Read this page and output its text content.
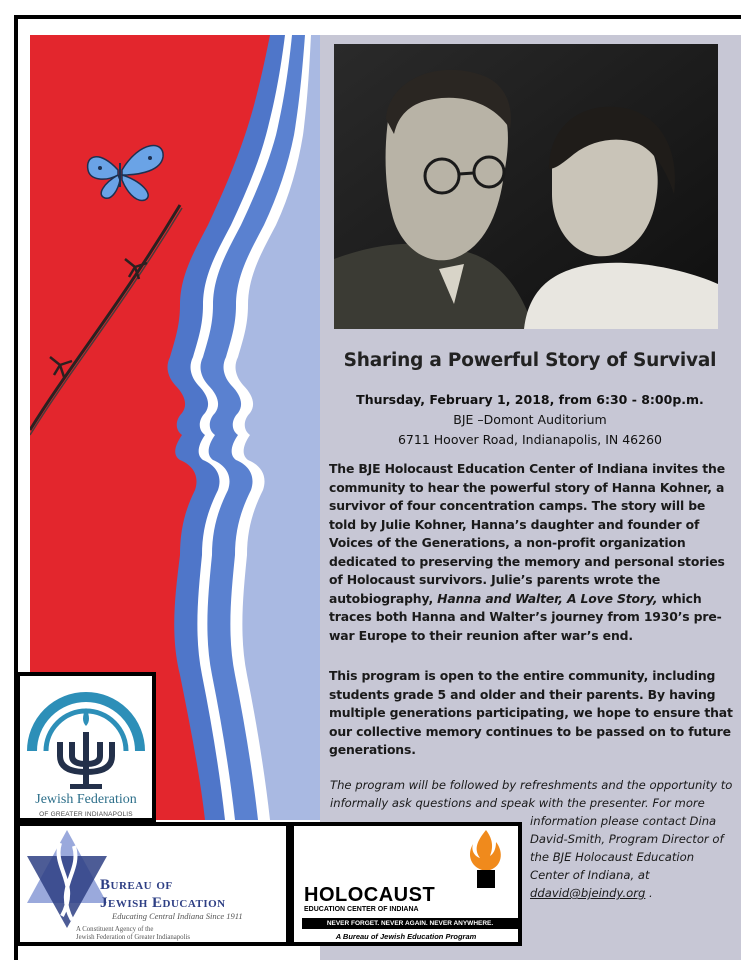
Sharing a Powerful Story of Survival
Thursday, February 1, 2018, from 6:30 - 8:00p.m.
BJE –Domont Auditorium
6711 Hoover Road, Indianapolis, IN 46260
The BJE Holocaust Education Center of Indiana invites the community to hear the powerful story of Hanna Kohner, a survivor of four concentration camps. The story will be told by Julie Kohner, Hanna’s daughter and founder of Voices of the Generations, a non-profit organization dedicated to preserving the memory and personal stories of Holocaust survivors. Julie’s parents wrote the autobiography, Hanna and Walter, A Love Story, which traces both Hanna and Walter’s journey from 1930’s pre-war Europe to their reunion after war’s end.
This program is open to the entire community, including students grade 5 and older and their parents. By having multiple generations participating, we hope to ensure that our collective memory continues to be passed on to future generations.
The program will be followed by refreshments and the opportunity to informally ask questions and speak with the presenter. For more
information please contact Dina David-Smith, Program Director of the BJE Holocaust Education Center of Indiana, at ddavid@bjeindy.org .
Jewish Federation
OF GREATER INDIANAPOLIS
Bureau of
Jewish Education
Educating Central Indiana Since 1911
A Constituent Agency of the
Jewish Federation of Greater Indianapolis
HOLOCAUST
EDUCATION CENTER OF INDIANA
NEVER FORGET. NEVER AGAIN. NEVER ANYWHERE.
A Bureau of Jewish Education Program
